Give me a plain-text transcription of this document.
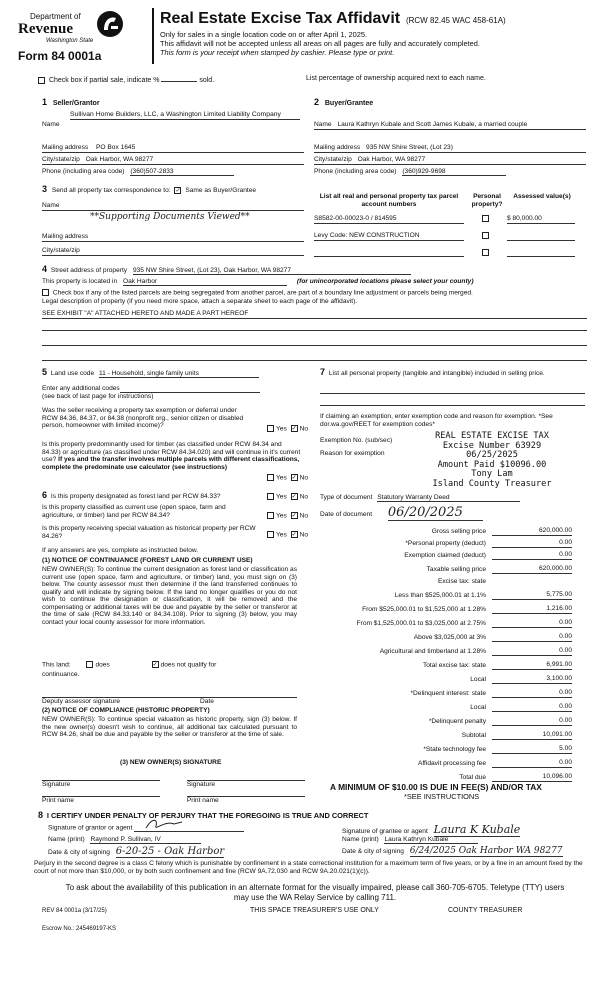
Department of
Revenue
Washington State
Form 84 0001a
Real Estate Excise Tax Affidavit (RCW 82.45 WAC 458-61A)
Only for sales in a single location code on or after April 1, 2025.
This affidavit will not be accepted unless all areas on all pages are fully and accurately completed.
This form is your receipt when stamped by cashier. Please type or print.
Check box if partial sale, indicate %	sold.	List percentage of ownership acquired next to each name.
1 Seller/Grantor
Name
Sullivan Home Builders, LLC, a Washington Limited Liability Company
Mailing address PO Box 1645
City/state/zip Oak Harbor, WA 98277
Phone (including area code) (360)507-2833
2 Buyer/Grantee
Name Laura Kathryn Kubale and Scott James Kubale, a married couple
Mailing address 935 NW Shire Street, (Lot 23)
City/state/zip Oak Harbor, WA 98277
Phone (including area code) (360)929-9698
3 Send all property tax correspondence to: ✓ Same as Buyer/Grantee
Name
**Supporting Documents Viewed**
Mailing address
City/state/zip
List all real and personal property tax parcel account numbers
Personal property?
Assessed value(s)
S8582-00-00023-0 / 814595	$ 80,000.00
Levy Code: NEW CONSTRUCTION
4 Street address of property 935 NW Shire Street, (Lot 23), Oak Harbor, WA 98277
This property is located in Oak Harbor	(for unincorporated locations please select your county)
Check box if any of the listed parcels are being segregated from another parcel, are part of a boundary line adjustment or parcels being merged.
Legal description of property (if you need more space, attach a separate sheet to each page of the affidavit).
SEE EXHIBIT "A" ATTACHED HERETO AND MADE A PART HEREOF
5 Land use code 11 - Household, single family units
Enter any additional codes
(see back of last page for instructions)
Was the seller receiving a property tax exemption or deferral under RCW 84.36, 84.37, or 84.38 (nonprofit org., senior citizen or disabled person, homeowner with limited income)?	Yes ✓ No
Is this property predominantly used for timber (as classified under RCW 84.34 and 84.33) or agriculture (as classified under RCW 84.34.020) and will continue in it's current use? If yes and the transfer involves multiple parcels with different classifications, complete the predominate use calculator (see instructions)
Yes ✓ No
6 Is this property designated as forest land per RCW 84.33?	Yes ✓ No
Is this property classified as current use (open space, farm and agriculture, or timber) land per RCW 84.34?	Yes ✓ No
Is this property receiving special valuation as historical property per RCW 84.26?	Yes ✓ No
If any answers are yes, complete as instructed below.
(1) NOTICE OF CONTINUANCE (FOREST LAND OR CURRENT USE)
NEW OWNER(S): To continue the current designation as forest land or classification as current use (open space, farm and agriculture, or timber) land, you must sign on (3) below. The county assessor must then determine if the land transferred continues to qualify and will indicate by signing below. If the land no longer qualifies or you do not wish to continue the designation or classification, it will be removed and the compensating or additional taxes will be due and payable by the seller or transferor at the time of sale (RCW 84.33.140 or 84.34.108). Prior to signing (3) below, you may contact your local county assessor for more information.
This land:	does	✓ does not qualify for
continuance.
Deputy assessor signature	Date
(2) NOTICE OF COMPLIANCE (HISTORIC PROPERTY)
NEW OWNER(S): To continue special valuation as historic property, sign (3) below. If the new owner(s) doesn't wish to continue, all additional tax calculated pursuant to RCW 84.26, shall be due and payable by the seller or transferor at the time of sale.
(3) NEW OWNER(S) SIGNATURE
Signature	Signature
Print name	Print name
7 List all personal property (tangible and intangible) included in selling price.
If claiming an exemption, enter exemption code and reason for exemption. *See dor.wa.gov/REET for exemption codes*
Exemption No. (sub/sec)
Reason for exemption
REAL ESTATE EXCISE TAX
Excise Number 63929
06/25/2025
Amount Paid $10096.00
Tony Lam
Island County Treasurer
Type of document Statutory Warranty Deed
Date of document 06/20/2025
Gross selling price	620,000.00
*Personal property (deduct)	0.00
Exemption claimed (deduct)	0.00
Taxable selling price	620,000.00
Excise tax: state
Less than $525,000.01 at 1.1%	5,775.00
From $525,000.01 to $1,525,000 at 1.28%	1,216.00
From $1,525,000.01 to $3,025,000 at 2.75%	0.00
Above $3,025,000 at 3%	0.00
Agricultural and timberland at 1.28%	0.00
Total excise tax: state	6,991.00
Local	3,100.00
*Delinquent interest: state	0.00
Local	0.00
*Delinquent penalty	0.00
Subtotal	10,091.00
*State technology fee	5.00
Affidavit processing fee	0.00
Total due	10,096.00
A MINIMUM OF $10.00 IS DUE IN FEE(S) AND/OR TAX
*SEE INSTRUCTIONS
8 I CERTIFY UNDER PENALTY OF PERJURY THAT THE FOREGOING IS TRUE AND CORRECT
Signature of grantor or agent
Name (print) Raymond P. Sullivan, IV
Date & city of signing 6-20-25 - Oak Harbor
Signature of grantee or agent Laura K Kubale
Name (print) Laura Kathryn Kubale
Date & city of signing 6/24/2025 Oak Harbor WA 98277
Perjury in the second degree is a class C felony which is punishable by confinement in a state correctional institution for a maximum term of five years, or by a fine in an amount fixed by the court of not more than $10,000, or by both such confinement and fine (RCW 9A.72.030 and RCW 9A.20.021(1)(c)).
To ask about the availability of this publication in an alternate format for the visually impaired, please call 360-705-6705. Teletype (TTY) users may use the WA Relay Service by calling 711.
REV 84 0001a (3/17/25)	THIS SPACE TREASURER'S USE ONLY	COUNTY TREASURER
Escrow No.: 245469197-KS
